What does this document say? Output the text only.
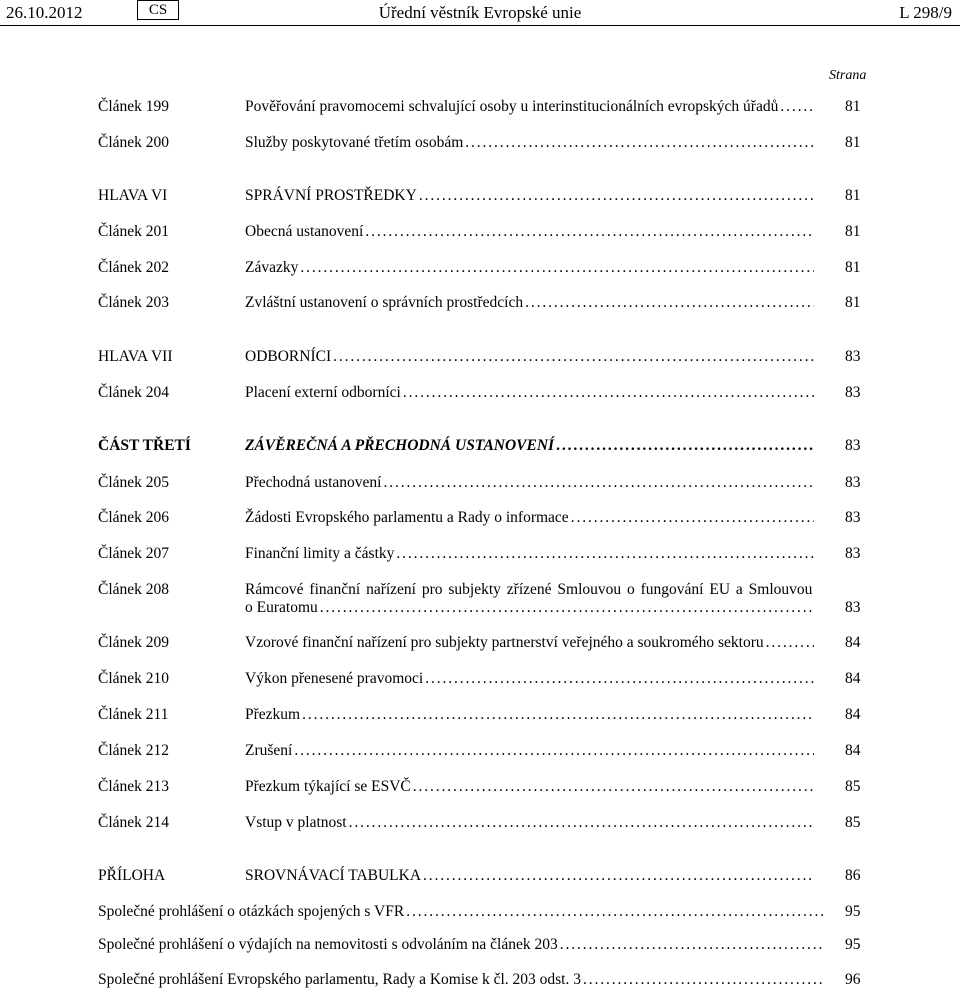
26.10.2012	CS	Úřední věstník Evropské unie	L 298/9
Strana
Článek 199	Pověřování pravomocemi schvalující osoby u interinstitucionálních evropských úřadů . . .	81
Článek 200	Služby poskytované třetím osobám . . .	81
HLAVA VI	SPRÁVNÍ PROSTŘEDKY . . .	81
Článek 201	Obecná ustanovení . . .	81
Článek 202	Závazky . . .	81
Článek 203	Zvláštní ustanovení o správních prostředcích . . .	81
HLAVA VII	ODBORNÍCI . . .	83
Článek 204	Placení externí odborníci . . .	83
ČÁST TŘETÍ	ZÁVĚREČNÁ A PŘECHODNÁ USTANOVENÍ . . .	83
Článek 205	Přechodná ustanovení . . .	83
Článek 206	Žádosti Evropského parlamentu a Rady o informace . . .	83
Článek 207	Finanční limity a částky . . .	83
Článek 208	Rámcové finanční nařízení pro subjekty zřízené Smlouvou o fungování EU a Smlouvou
o Euratomu . . .	83
Článek 209	Vzorové finanční nařízení pro subjekty partnerství veřejného a soukromého sektoru . . .	84
Článek 210	Výkon přenesené pravomoci . . .	84
Článek 211	Přezkum . . .	84
Článek 212	Zrušení . . .	84
Článek 213	Přezkum týkající se ESVČ . . .	85
Článek 214	Vstup v platnost . . .	85
PŘÍLOHA	SROVNÁVACÍ TABULKA . . .	86
Společné prohlášení o otázkách spojených s VFR . . .	95
Společné prohlášení o výdajích na nemovitosti s odvoláním na článek 203 . . .	95
Společné prohlášení Evropského parlamentu, Rady a Komise k čl. 203 odst. 3 . . .	96
